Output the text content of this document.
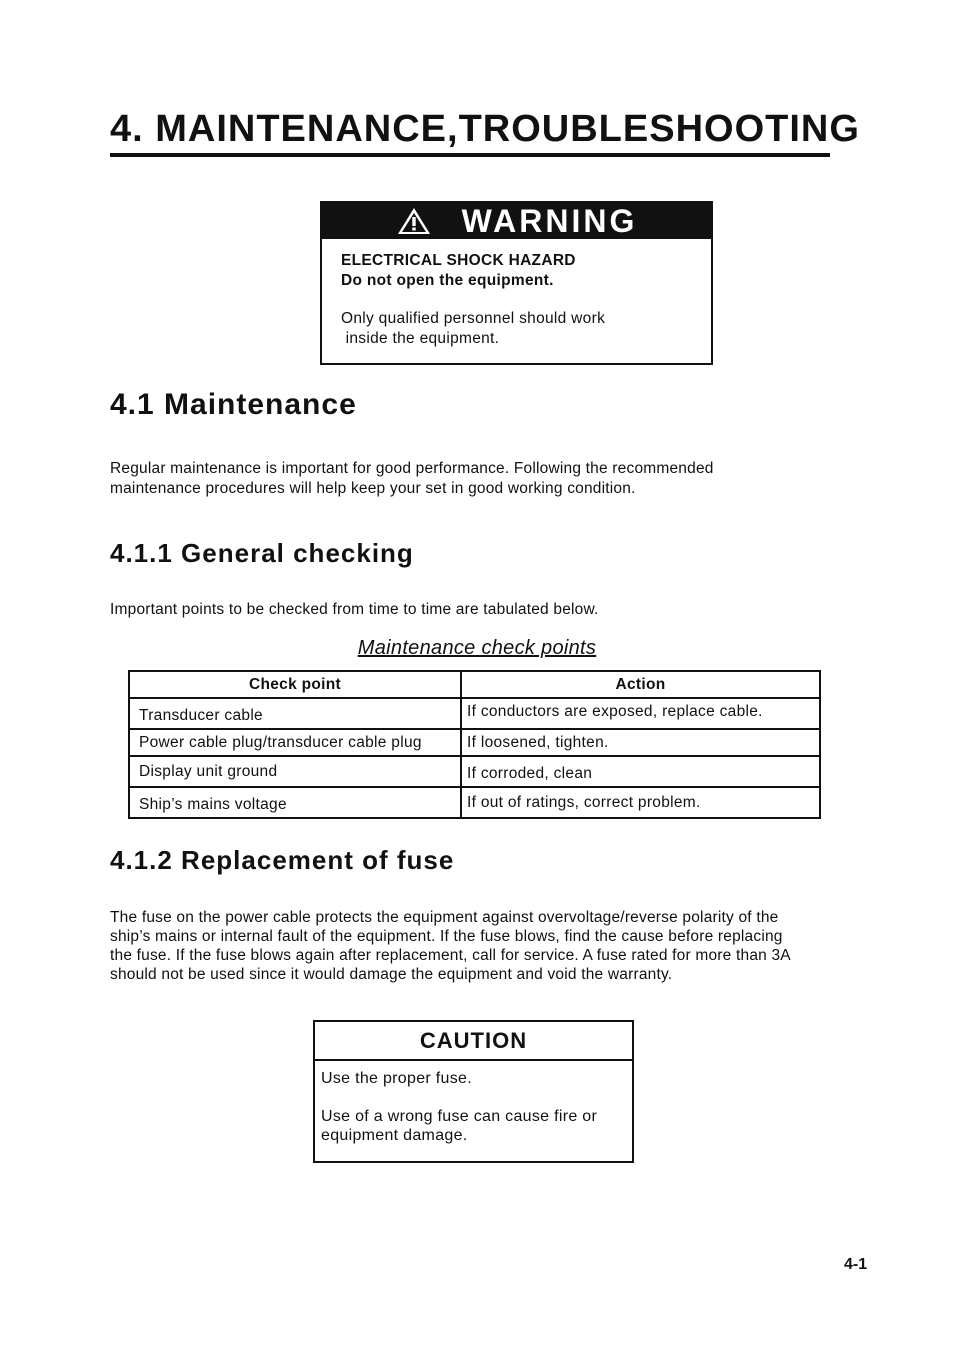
4. MAINTENANCE,TROUBLESHOOTING
WARNING
ELECTRICAL SHOCK HAZARD
Do not open the equipment.
Only qualified personnel should work
inside the equipment.
4.1 Maintenance
Regular maintenance is important for good performance. Following the recommended
maintenance procedures will help keep your set in good working condition.
4.1.1 General checking
Important points to be checked from time to time are tabulated below.
Maintenance check points
Check point	Action
Transducer cable	If conductors are exposed, replace cable.
Power cable plug/transducer cable plug	If loosened, tighten.
Display unit ground	If corroded, clean
Ship’s mains voltage	If out of ratings, correct problem.
4.1.2 Replacement of fuse
The fuse on the power cable protects the equipment against overvoltage/reverse polarity of the
ship’s mains or internal fault of the equipment. If the fuse blows, find the cause before replacing
the fuse. If the fuse blows again after replacement, call for service. A fuse rated for more than 3A
should not be used since it would damage the equipment and void the warranty.
CAUTION
Use the proper fuse.
Use of a wrong fuse can cause fire or
equipment damage.
4-1
